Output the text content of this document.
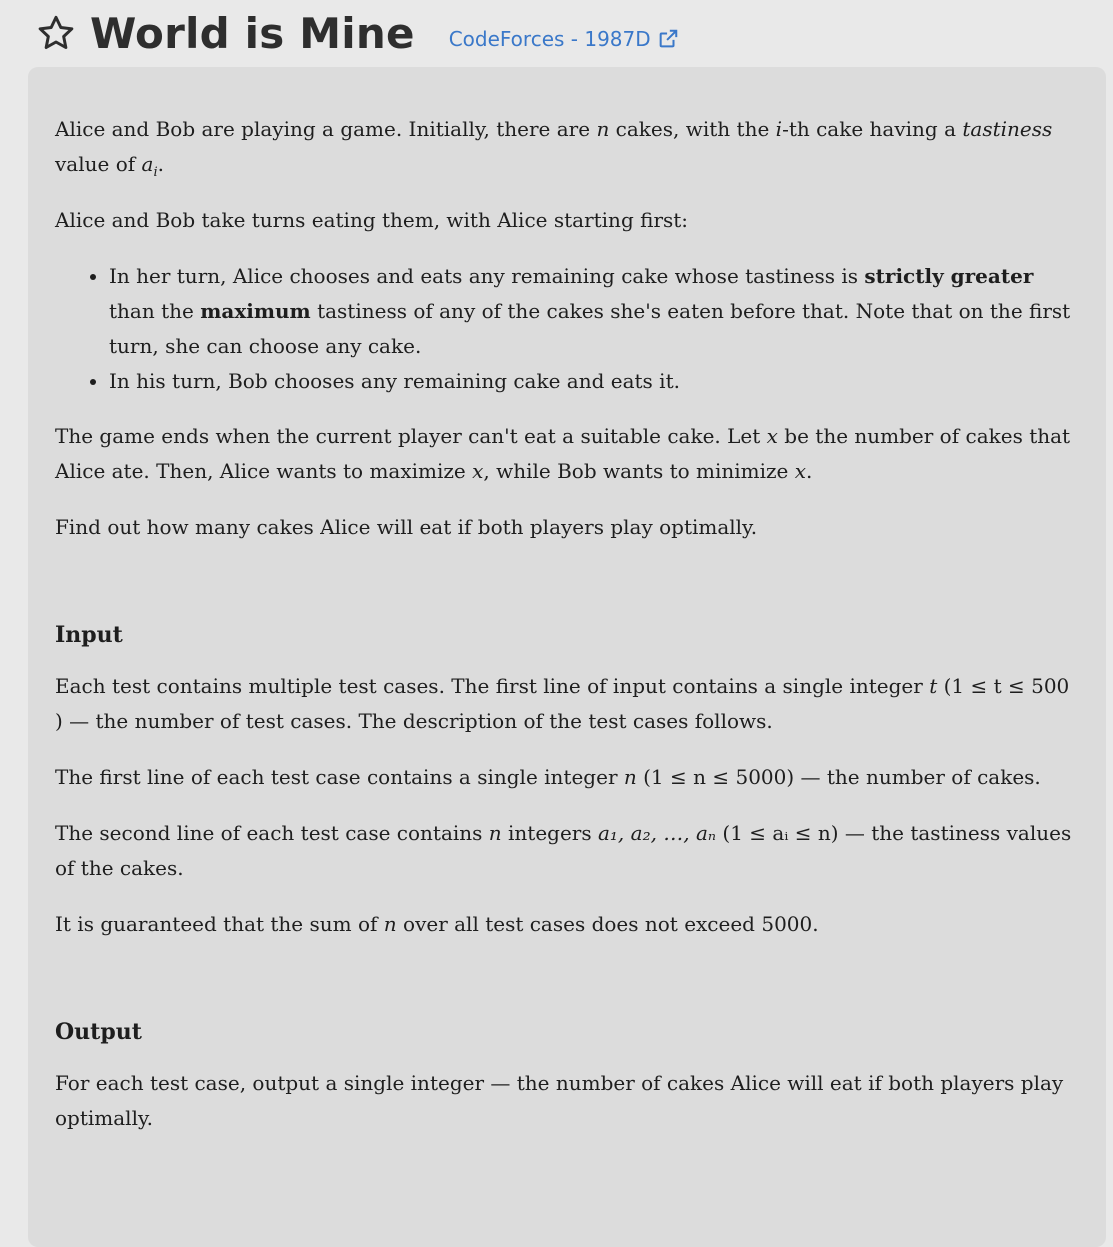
World is Mine CodeForces - 1987D

Alice and Bob are playing a game. Initially, there are n cakes, with the i-th cake having a tastiness value of $a_i$.

Alice and Bob take turns eating them, with Alice starting first:

• In her turn, Alice chooses and eats any remaining cake whose tastiness is strictly greater than the maximum tastiness of any of the cakes she's eaten before that. Note that on the first turn, she can choose any cake.
• In his turn, Bob chooses any remaining cake and eats it.

The game ends when the current player can't eat a suitable cake. Let x be the number of cakes that Alice ate. Then, Alice wants to maximize x, while Bob wants to minimize x.

Find out how many cakes Alice will eat if both players play optimally.

Input

Each test contains multiple test cases. The first line of input contains a single integer t (1 ≤ t ≤ 500
) — the number of test cases. The description of the test cases follows.

The first line of each test case contains a single integer n (1 ≤ n ≤ 5000) — the number of cakes.

The second line of each test case contains n integers a₁, a₂, …, aₙ (1 ≤ aᵢ ≤ n) — the tastiness values of the cakes.

It is guaranteed that the sum of n over all test cases does not exceed 5000.

Output

For each test case, output a single integer — the number of cakes Alice will eat if both players play optimally.
